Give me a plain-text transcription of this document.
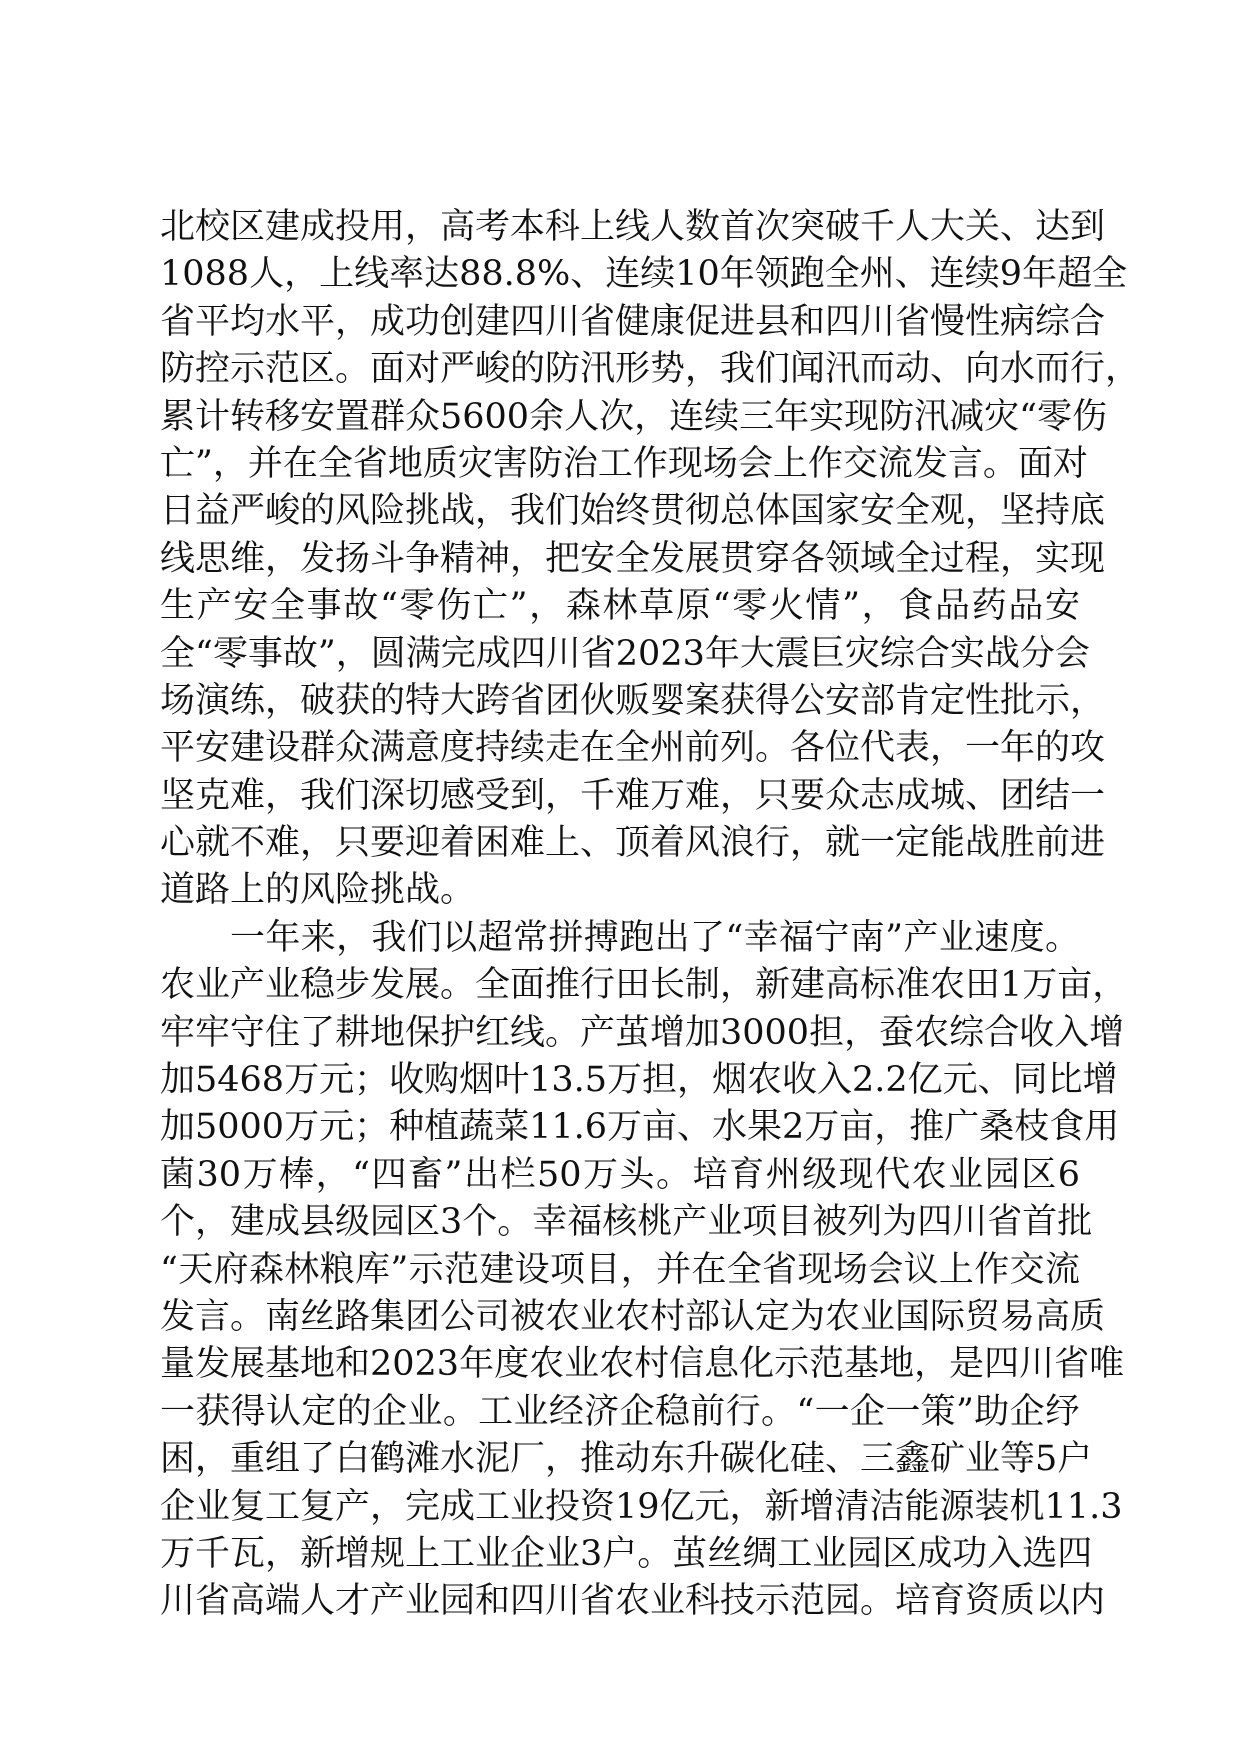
北校区建成投用，高考本科上线人数首次突破千人大关、达到
1088人，上线率达88.8%、连续10年领跑全州、连续9年超全
省平均水平，成功创建四川省健康促进县和四川省慢性病综合
防控示范区。面对严峻的防汛形势，我们闻汛而动、向水而行，
累计转移安置群众5600余人次，连续三年实现防汛减灾“零伤
亡”，并在全省地质灾害防治工作现场会上作交流发言。面对
日益严峻的风险挑战，我们始终贯彻总体国家安全观，坚持底
线思维，发扬斗争精神，把安全发展贯穿各领域全过程，实现
生产安全事故“零伤亡”，森林草原“零火情”，食品药品安
全“零事故”，圆满完成四川省2023年大震巨灾综合实战分会
场演练，破获的特大跨省团伙贩婴案获得公安部肯定性批示，
平安建设群众满意度持续走在全州前列。各位代表，一年的攻
坚克难，我们深切感受到，千难万难，只要众志成城、团结一
心就不难，只要迎着困难上、顶着风浪行，就一定能战胜前进
道路上的风险挑战。
一年来，我们以超常拼搏跑出了“幸福宁南”产业速度。
农业产业稳步发展。全面推行田长制，新建高标准农田1万亩，
牢牢守住了耕地保护红线。产茧增加3000担，蚕农综合收入增
加5468万元；收购烟叶13.5万担，烟农收入2.2亿元、同比增
加5000万元；种植蔬菜11.6万亩、水果2万亩，推广桑枝食用
菌30万棒，“四畜”出栏50万头。培育州级现代农业园区6
个，建成县级园区3个。幸福核桃产业项目被列为四川省首批
“天府森林粮库”示范建设项目，并在全省现场会议上作交流
发言。南丝路集团公司被农业农村部认定为农业国际贸易高质
量发展基地和2023年度农业农村信息化示范基地，是四川省唯
一获得认定的企业。工业经济企稳前行。“一企一策”助企纾
困，重组了白鹤滩水泥厂，推动东升碳化硅、三鑫矿业等5户
企业复工复产，完成工业投资19亿元，新增清洁能源装机11.3
万千瓦，新增规上工业企业3户。茧丝绸工业园区成功入选四
川省高端人才产业园和四川省农业科技示范园。培育资质以内
